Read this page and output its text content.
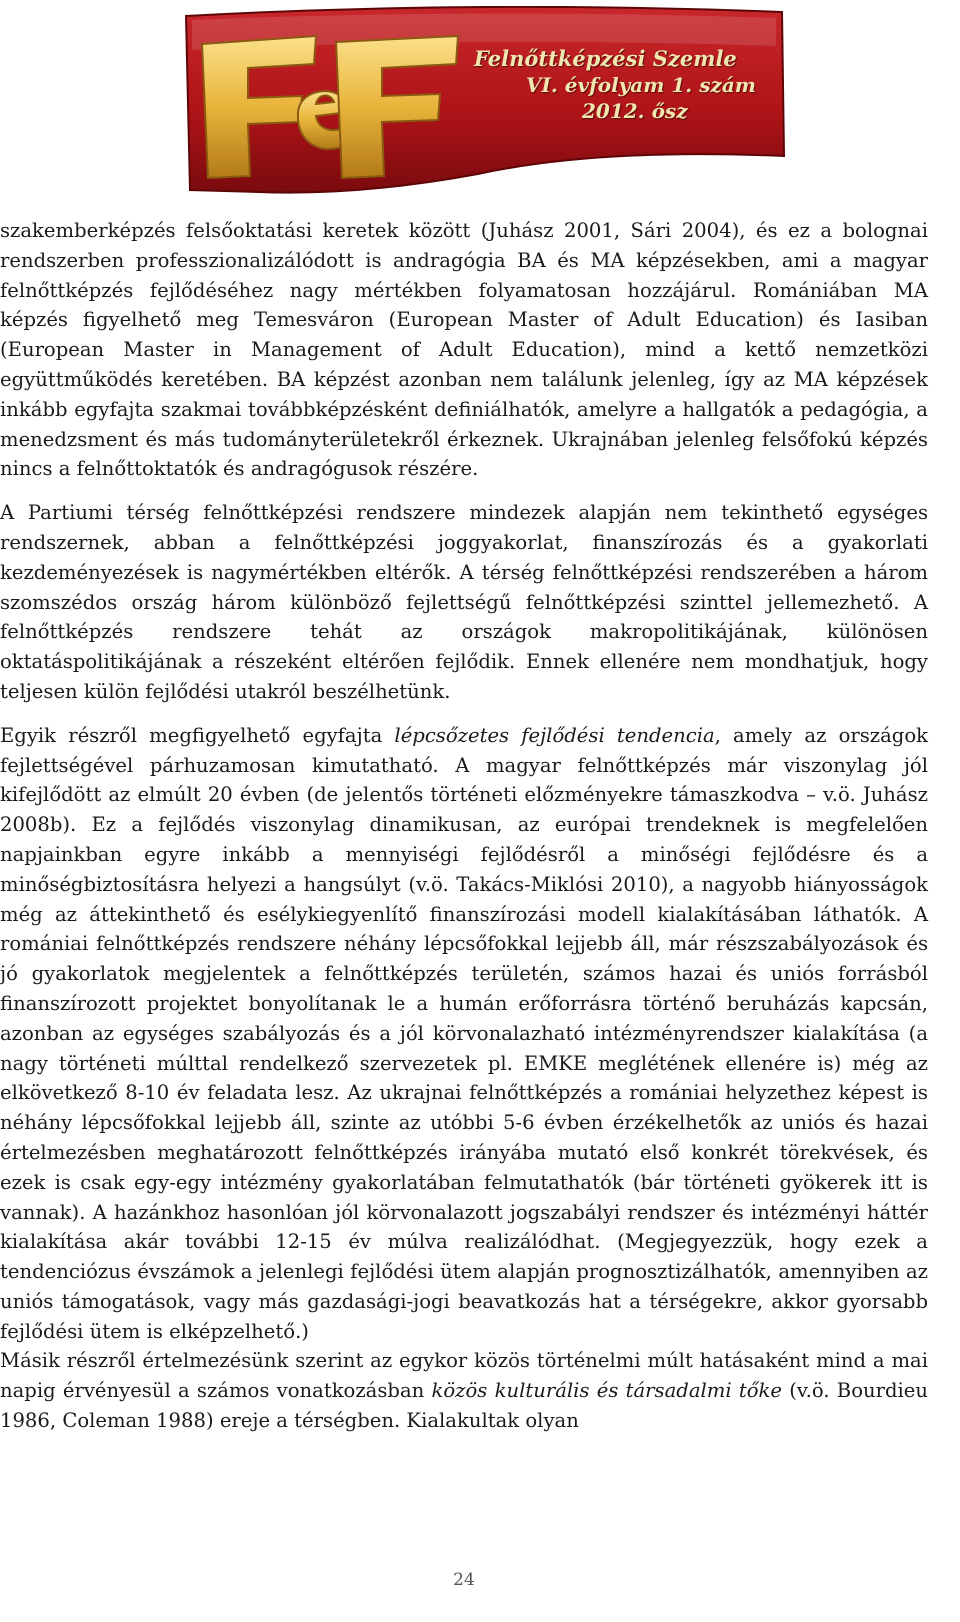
Felnőttképzési Szemle
VI. évfolyam 1. szám
2012. ősz

szakemberképzés felsőoktatási keretek között (Juhász 2001, Sári 2004), és ez a bolognai rendszerben professzionalizálódott is andragógia BA és MA képzésekben, ami a magyar felnőttképzés fejlődéséhez nagy mértékben folyamatosan hozzájárul. Romániában MA képzés figyelhető meg Temesváron (European Master of Adult Education) és Iasiban (European Master in Management of Adult Education), mind a kettő nemzetközi együttműködés keretében. BA képzést azonban nem találunk jelenleg, így az MA képzések inkább egyfajta szakmai továbbképzésként definiálhatók, amelyre a hallgatók a pedagógia, a menedzsment és más tudományterületekről érkeznek. Ukrajnában jelenleg felsőfokú képzés nincs a felnőttoktatók és andragógusok részére.

A Partiumi térség felnőttképzési rendszere mindezek alapján nem tekinthető egységes rendszernek, abban a felnőttképzési joggyakorlat, finanszírozás és a gyakorlati kezdeményezések is nagymértékben eltérők. A térség felnőttképzési rendszerében a három szomszédos ország három különböző fejlettségű felnőttképzési szinttel jellemezhető. A felnőttképzés rendszere tehát az országok makropolitikájának, különösen oktatáspolitikájának a részeként eltérően fejlődik. Ennek ellenére nem mondhatjuk, hogy teljesen külön fejlődési utakról beszélhetünk.

Egyik részről megfigyelhető egyfajta lépcsőzetes fejlődési tendencia, amely az országok fejlettségével párhuzamosan kimutatható. A magyar felnőttképzés már viszonylag jól kifejlődött az elmúlt 20 évben (de jelentős történeti előzményekre támaszkodva – v.ö. Juhász 2008b). Ez a fejlődés viszonylag dinamikusan, az európai trendeknek is megfelelően napjainkban egyre inkább a mennyiségi fejlődésről a minőségi fejlődésre és a minőségbiztosításra helyezi a hangsúlyt (v.ö. Takács-Miklósi 2010), a nagyobb hiányosságok még az áttekinthető és esélykiegyenlítő finanszírozási modell kialakításában láthatók. A romániai felnőttképzés rendszere néhány lépcsőfokkal lejjebb áll, már részszabályozások és jó gyakorlatok megjelentek a felnőttképzés területén, számos hazai és uniós forrásból finanszírozott projektet bonyolítanak le a humán erőforrásra történő beruházás kapcsán, azonban az egységes szabályozás és a jól körvonalazható intézményrendszer kialakítása (a nagy történeti múlttal rendelkező szervezetek pl. EMKE meglétének ellenére is) még az elkövetkező 8-10 év feladata lesz. Az ukrajnai felnőttképzés a romániai helyzethez képest is néhány lépcsőfokkal lejjebb áll, szinte az utóbbi 5-6 évben érzékelhetők az uniós és hazai értelmezésben meghatározott felnőttképzés irányába mutató első konkrét törekvések, és ezek is csak egy-egy intézmény gyakorlatában felmutathatók (bár történeti gyökerek itt is vannak). A hazánkhoz hasonlóan jól körvonalazott jogszabályi rendszer és intézményi háttér kialakítása akár további 12-15 év múlva realizálódhat. (Megjegyezzük, hogy ezek a tendenciózus évszámok a jelenlegi fejlődési ütem alapján prognosztizálhatók, amennyiben az uniós támogatások, vagy más gazdasági-jogi beavatkozás hat a térségekre, akkor gyorsabb fejlődési ütem is elképzelhető.)

Másik részről értelmezésünk szerint az egykor közös történelmi múlt hatásaként mind a mai napig érvényesül a számos vonatkozásban közös kulturális és társadalmi tőke (v.ö. Bourdieu 1986, Coleman 1988) ereje a térségben. Kialakultak olyan

24
